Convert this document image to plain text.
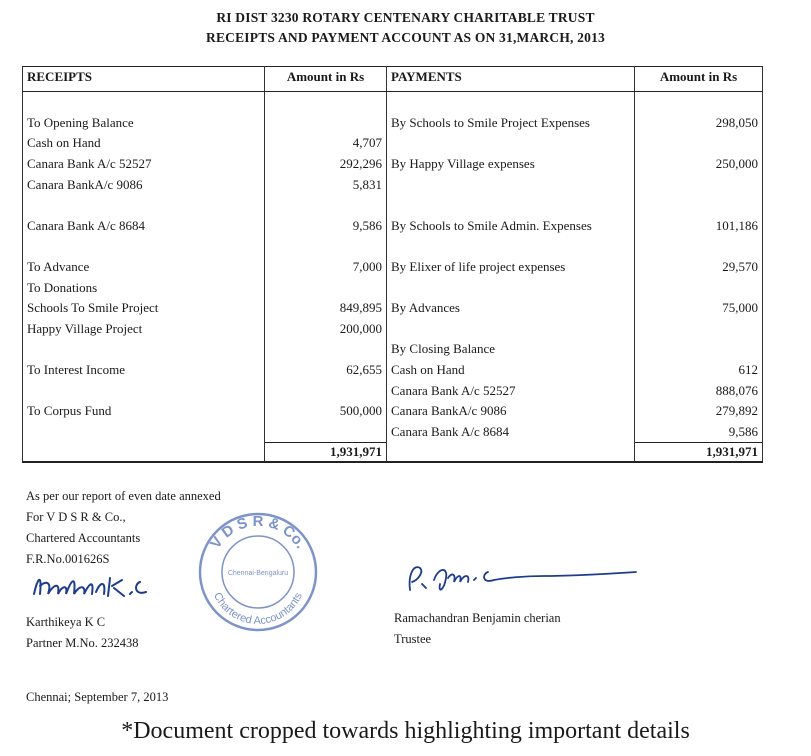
RI DIST 3230 ROTARY CENTENARY CHARITABLE TRUST
RECEIPTS AND PAYMENT ACCOUNT AS ON 31,MARCH, 2013
RECEIPTS	Amount in Rs	PAYMENTS	Amount in Rs

To Opening Balance		By Schools to Smile Project Expenses	298,050
Cash on Hand	4,707		
Canara Bank A/c 52527	292,296	By Happy Village expenses	250,000
Canara BankA/c 9086	5,831		

Canara Bank A/c 8684	9,586	By Schools to Smile Admin. Expenses	101,186

To Advance	7,000	By Elixer of life project expenses	29,570
To Donations			
Schools To Smile Project	849,895	By Advances	75,000
Happy Village Project	200,000		
		By Closing Balance	
To Interest Income	62,655	Cash on Hand	612
		Canara Bank A/c 52527	888,076
To Corpus Fund	500,000	Canara BankA/c 9086	279,892
		Canara Bank A/c 8684	9,586
	1,931,971		1,931,971
As per our report of even date annexed
For V D S R & Co.,
Chartered Accountants
F.R.No.001626S
Karthikeya K C
Partner M.No. 232438
V D S R & Co.
Chartered Accountants
Chennai-Bengaluru
Ramachandran Benjamin cherian
Trustee
Chennai; September 7, 2013
*Document cropped towards highlighting important details
